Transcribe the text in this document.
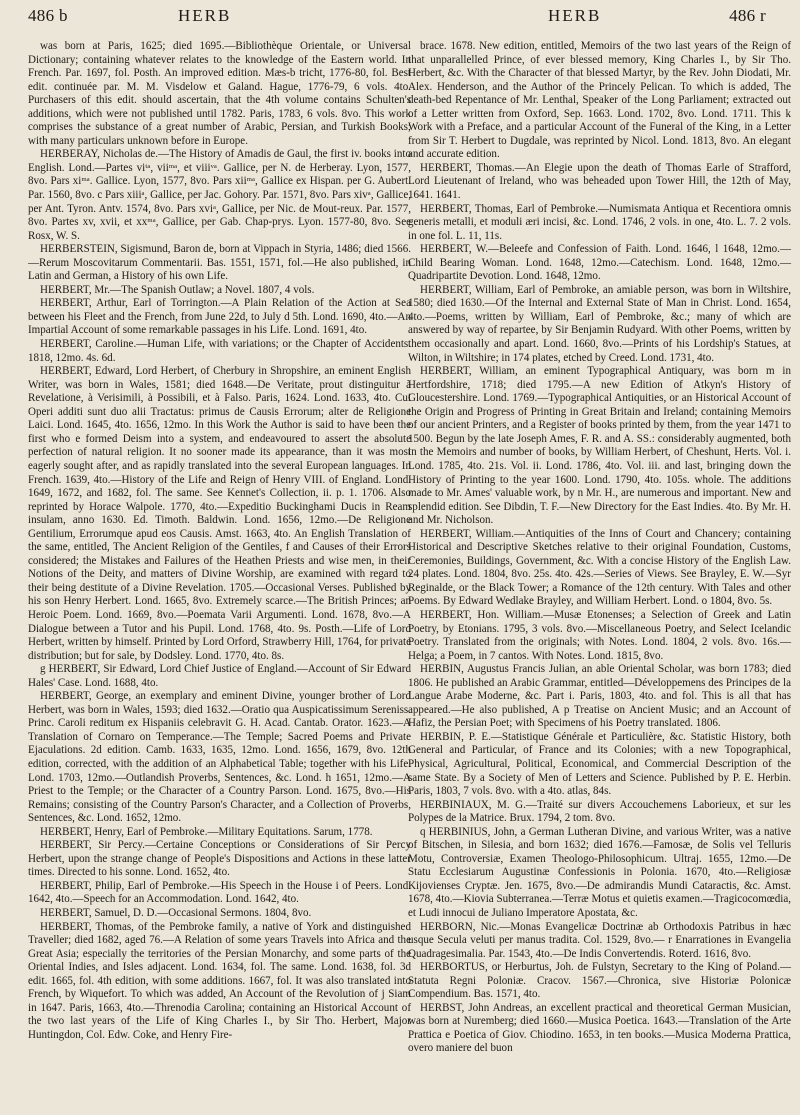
486 b	HERB	HERB	486 r

was born at Paris, 1625; died 1695.—Bibliothèque Orientale, or Universal Dictionary; containing whatever relates to the knowledge of the Eastern world. In French. Par. 1697, fol. Posth. An improved edition. Mæs-b tricht, 1776-80, fol. Best edit. continuée par. M. M. Visdelow et Galand. Hague, 1776-79, 6 vols. 4to. Purchasers of this edit. should ascertain, that the 4th volume contains Schulten's additions, which were not published until 1782. Paris, 1783, 6 vols. 8vo. This work comprises the substance of a great number of Arabic, Persian, and Turkish Books; with many particulars unknown before in Europe.

HERBERAY, Nicholas de.—The History of Amadis de Gaul, the first iv. books into English. Lond.—Partes viᵗᵃ, viiᵐᵃ, et viiiᵛᵃ. Gallice, per N. de Herberay. Lyon, 1577, 8vo. Pars xiᵐᵃ. Gallice. Lyon, 1577, 8vo. Pars xiiᵐᵃ, Gallice ex Hispan. per G. Aubert. Par. 1560, 8vo. c Pars xiiiᵃ, Gallice, per Jac. Gohory. Par. 1571, 8vo. Pars xivᵃ, Gallice, per Ant. Tyron. Antv. 1574, 8vo. Pars xviᵃ, Gallice, per Nic. de Mout-reux. Par. 1577, 8vo. Partes xv, xvii, et xxᵐᵃ, Gallice, per Gab. Chap-prys. Lyon. 1577-80, 8vo. See Rosx, W. S.

HERBERSTEIN, Sigismund, Baron de, born at Vippach in Styria, 1486; died 1566.—Rerum Moscovitarum Commentarii. Bas. 1551, 1571, fol.—He also published, in Latin and German, a History of his own Life.

HERBERT, Mr.—The Spanish Outlaw; a Novel. 1807, 4 vols.

HERBERT, Arthur, Earl of Torrington.—A Plain Relation of the Action at Sea between his Fleet and the French, from June 22d, to July d 5th. Lond. 1690, 4to.—An Impartial Account of some remarkable passages in his Life. Lond. 1691, 4to.

HERBERT, Caroline.—Human Life, with variations; or the Chapter of Accidents. 1818, 12mo. 4s. 6d.

HERBERT, Edward, Lord Herbert, of Cherbury in Shropshire, an eminent English Writer, was born in Wales, 1581; died 1648.—De Veritate, prout distinguitur à Revelatione, à Verisimili, à Possibili, et à Falso. Paris, 1624. Lond. 1633, 4to. Cui Operi additi sunt duo alii Tractatus: primus de Causis Errorum; alter de Religione Laici. Lond. 1645, 4to. 1656, 12mo. In this Work the Author is said to have been the first who e formed Deism into a system, and endeavoured to assert the absolute perfection of natural religion. It no sooner made its appearance, than it was most eagerly sought after, and as rapidly translated into the several European languages. In French. 1639, 4to.—History of the Life and Reign of Henry VIII. of England. Lond. 1649, 1672, and 1682, fol. The same. See Kennet's Collection, ii. p. 1. 1706. Also reprinted by Horace Walpole. 1770, 4to.—Expeditio Buckinghami Ducis in Ream insulam, anno 1630. Ed. Timoth. Baldwin. Lond. 1656, 12mo.—De Religione Gentilium, Errorumque apud eos Causis. Amst. 1663, 4to. An English Translation of the same, entitled, The Ancient Religion of the Gentiles, f and Causes of their Errors considered; the Mistakes and Failures of the Heathen Priests and wise men, in their Notions of the Deity, and matters of Divine Worship, are examined with regard to their being destitute of a Divine Revelation. 1705.—Occasional Verses. Published by his son Henry Herbert. Lond. 1665, 8vo. Extremely scarce.—The British Princes; an Heroic Poem. Lond. 1669, 8vo.—Poemata Varii Argumenti. Lond. 1678, 8vo.—A Dialogue between a Tutor and his Pupil. Lond. 1768, 4to. 9s. Posth.—Life of Lord Herbert, written by himself. Printed by Lord Orford, Strawberry Hill, 1764, for private distribution; but for sale, by Dodsley. Lond. 1770, 4to. 8s.

g HERBERT, Sir Edward, Lord Chief Justice of England.—Account of Sir Edward Hales' Case. Lond. 1688, 4to.

HERBERT, George, an exemplary and eminent Divine, younger brother of Lord Herbert, was born in Wales, 1593; died 1632.—Oratio qua Auspicatissimum Sereniss. Princ. Caroli reditum ex Hispaniis celebravit G. H. Acad. Cantab. Orator. 1623.—A Translation of Cornaro on Temperance.—The Temple; Sacred Poems and Private Ejaculations. 2d edition. Camb. 1633, 1635, 12mo. Lond. 1656, 1679, 8vo. 12th edition, corrected, with the addition of an Alphabetical Table; together with his Life. Lond. 1703, 12mo.—Outlandish Proverbs, Sentences, &c. Lond. h 1651, 12mo.—A Priest to the Temple; or the Character of a Country Parson. Lond. 1675, 8vo.—His Remains; consisting of the Country Parson's Character, and a Collection of Proverbs, Sentences, &c. Lond. 1652, 12mo.

HERBERT, Henry, Earl of Pembroke.—Military Equitations. Sarum, 1778.

HERBERT, Sir Percy.—Certaine Conceptions or Considerations of Sir Percy Herbert, upon the strange change of People's Dispositions and Actions in these latter times. Directed to his sonne. Lond. 1652, 4to.

HERBERT, Philip, Earl of Pembroke.—His Speech in the House i of Peers. Lond. 1642, 4to.—Speech for an Accommodation. Lond. 1642, 4to.

HERBERT, Samuel, D. D.—Occasional Sermons. 1804, 8vo.

HERBERT, Thomas, of the Pembroke family, a native of York and distinguished Traveller; died 1682, aged 76.—A Relation of some years Travels into Africa and the Great Asia; especially the territories of the Persian Monarchy, and some parts of the Oriental Indies, and Isles adjacent. Lond. 1634, fol. The same. Lond. 1638, fol. 3d edit. 1665, fol. 4th edition, with some additions. 1667, fol. It was also translated into French, by Wiquefort. To which was added, An Account of the Revolution of j Siam in 1647. Paris, 1663, 4to.—Threnodia Carolina; containing an Historical Account of the two last years of the Life of King Charles I., by Sir Tho. Herbert, Major Huntingdon, Col. Edw. Coke, and Henry Fire-

brace. 1678. New edition, entitled, Memoirs of the two last years of the Reign of that unparallelled Prince, of ever blessed memory, King Charles I., by Sir Tho. Herbert, &c. With the Character of that blessed Martyr, by the Rev. John Diodati, Mr. Alex. Henderson, and the Author of the Princely Pelican. To which is added, The death-bed Repentance of Mr. Lenthal, Speaker of the Long Parliament; extracted out of a Letter written from Oxford, Sep. 1663. Lond. 1702, 8vo. Lond. 1711. This k Work with a Preface, and a particular Account of the Funeral of the King, in a Letter from Sir T. Herbert to Dugdale, was reprinted by Nicol. Lond. 1813, 8vo. An elegant and accurate edition.

HERBERT, Thomas.—An Elegie upon the death of Thomas Earle of Strafford, Lord Lieutenant of Ireland, who was beheaded upon Tower Hill, the 12th of May, 1641. 1641.

HERBERT, Thomas, Earl of Pembroke.—Numismata Antiqua et Recentiora omnis generis metalli, et moduli æri incisi, &c. Lond. 1746, 2 vols. in one, 4to. L. 7. 2 vols. in one fol. L. 11, 11s.

HERBERT, W.—Beleefe and Confession of Faith. Lond. 1646, l 1648, 12mo.—Child Bearing Woman. Lond. 1648, 12mo.—Catechism. Lond. 1648, 12mo.—Quadripartite Devotion. Lond. 1648, 12mo.

HERBERT, William, Earl of Pembroke, an amiable person, was born in Wiltshire, 1580; died 1630.—Of the Internal and External State of Man in Christ. Lond. 1654, 4to.—Poems, written by William, Earl of Pembroke, &c.; many of which are answered by way of repartee, by Sir Benjamin Rudyard. With other Poems, written by them occasionally and apart. Lond. 1660, 8vo.—Prints of his Lordship's Statues, at Wilton, in Wiltshire; in 174 plates, etched by Creed. Lond. 1731, 4to.

HERBERT, William, an eminent Typographical Antiquary, was born m in Hertfordshire, 1718; died 1795.—A new Edition of Atkyn's History of Gloucestershire. Lond. 1769.—Typographical Antiquities, or an Historical Account of the Origin and Progress of Printing in Great Britain and Ireland; containing Memoirs of our ancient Printers, and a Register of books printed by them, from the year 1471 to 1500. Begun by the late Joseph Ames, F. R. and A. SS.: considerably augmented, both in the Memoirs and number of books, by William Herbert, of Cheshunt, Herts. Vol. i. Lond. 1785, 4to. 21s. Vol. ii. Lond. 1786, 4to. Vol. iii. and last, bringing down the History of Printing to the year 1600. Lond. 1790, 4to. 105s. whole. The additions made to Mr. Ames' valuable work, by n Mr. H., are numerous and important. New and splendid edition. See Dibdin, T. F.—New Directory for the East Indies. 4to. By Mr. H. and Mr. Nicholson.

HERBERT, William.—Antiquities of the Inns of Court and Chancery; containing Historical and Descriptive Sketches relative to their original Foundation, Customs, Ceremonies, Buildings, Government, &c. With a concise History of the English Law. 24 plates. Lond. 1804, 8vo. 25s. 4to. 42s.—Series of Views. See Brayley, E. W.—Syr Reginalde, or the Black Tower; a Romance of the 12th century. With Tales and other Poems. By Edward Wedlake Brayley, and William Herbert. Lond. o 1804, 8vo. 5s.

HERBERT, Hon. William.—Musæ Etonenses; a Selection of Greek and Latin Poetry, by Etonians. 1795, 3 vols. 8vo.—Miscellaneous Poetry, and Select Icelandic Poetry. Translated from the originals; with Notes. Lond. 1804, 2 vols. 8vo. 16s.—Helga; a Poem, in 7 cantos. With Notes. Lond. 1815, 8vo.

HERBIN, Augustus Francis Julian, an able Oriental Scholar, was born 1783; died 1806. He published an Arabic Grammar, entitled—Développemens des Principes de la Langue Arabe Moderne, &c. Part i. Paris, 1803, 4to. and fol. This is all that has appeared.—He also published, A p Treatise on Ancient Music; and an Account of Hafiz, the Persian Poet; with Specimens of his Poetry translated. 1806.

HERBIN, P. E.—Statistique Générale et Particulière, &c. Statistic History, both General and Particular, of France and its Colonies; with a new Topographical, Physical, Agricultural, Political, Economical, and Commercial Description of the same State. By a Society of Men of Letters and Science. Published by P. E. Herbin. Paris, 1803, 7 vols. 8vo. with a 4to. atlas, 84s.

HERBINIAUX, M. G.—Traité sur divers Accouchemens Laborieux, et sur les Polypes de la Matrice. Brux. 1794, 2 tom. 8vo.

q HERBINIUS, John, a German Lutheran Divine, and various Writer, was a native of Bitschen, in Silesia, and born 1632; died 1676.—Famosæ, de Solis vel Telluris Motu, Controversiæ, Examen Theologo-Philosophicum. Ultraj. 1655, 12mo.—De Statu Ecclesiarum Augustinæ Confessionis in Polonia. 1670, 4to.—Religiosæ Kijovienses Cryptæ. Jen. 1675, 8vo.—De admirandis Mundi Cataractis, &c. Amst. 1678, 4to.—Kiovia Subterranea.—Terræ Motus et quietis examen.—Tragicocomœdia, et Ludi innocui de Juliano Imperatore Apostata, &c.

HERBORN, Nic.—Monas Evangelicæ Doctrinæ ab Orthodoxis Patribus in hæc usque Secula veluti per manus tradita. Col. 1529, 8vo.— r Enarrationes in Evangelia Quadragesimalia. Par. 1543, 4to.—De Indis Convertendis. Roterd. 1616, 8vo.

HERBORTUS, or Herburtus, Joh. de Fulstyn, Secretary to the King of Poland.—Statuta Regni Poloniæ. Cracov. 1567.—Chronica, sive Historiæ Polonicæ Compendium. Bas. 1571, 4to.

HERBST, John Andreas, an excellent practical and theoretical German Musician, was born at Nuremberg; died 1660.—Musica Poetica. 1643.—Translation of the Arte Prattica e Poetica of Giov. Chiodino. 1653, in ten books.—Musica Moderna Prattica, overo maniere del buon
